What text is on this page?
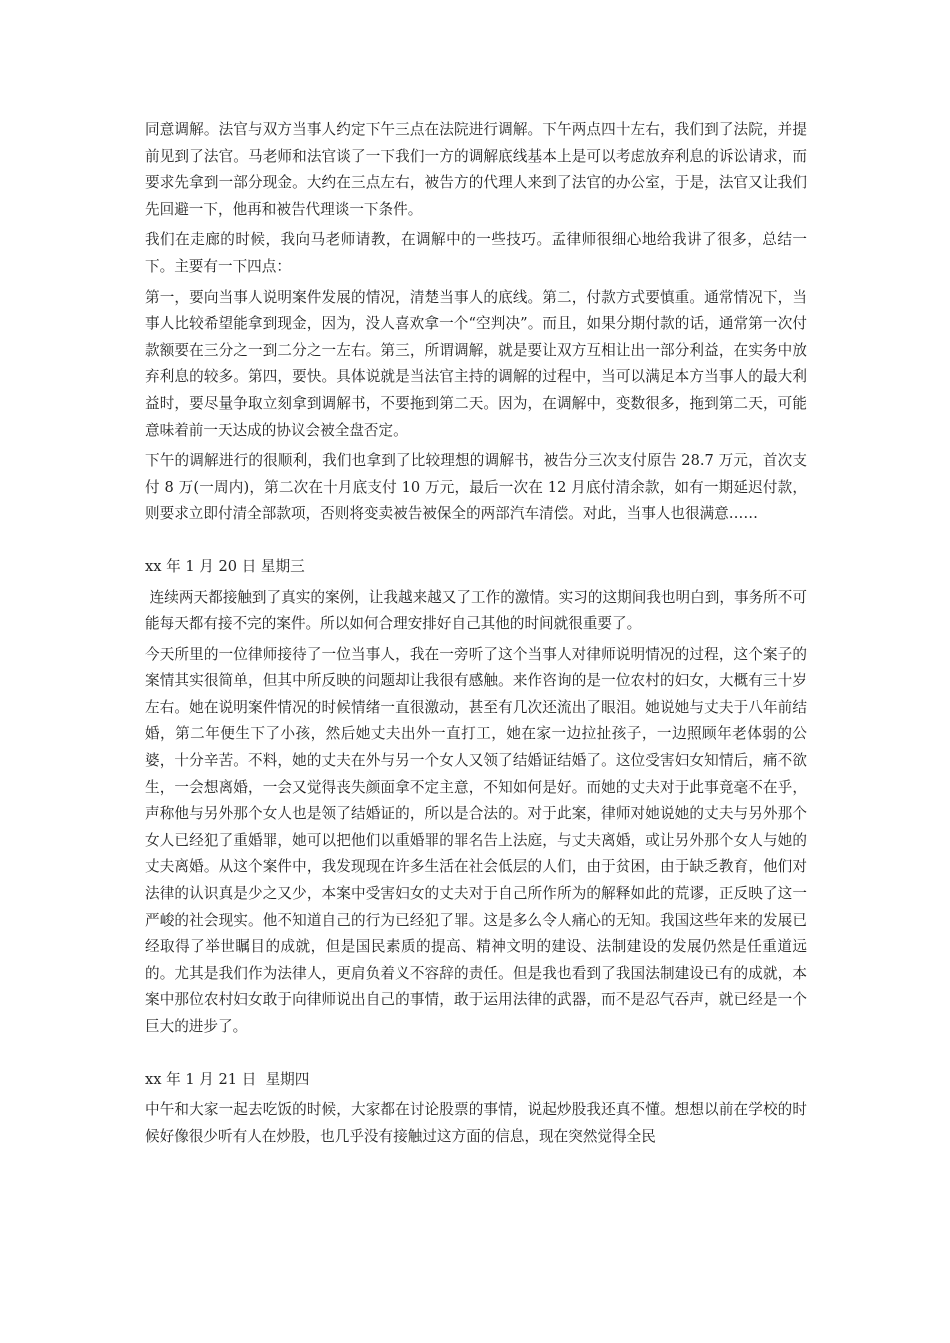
同意调解。法官与双方当事人约定下午三点在法院进行调解。下午两点四十左右，我们到了法院，并提前见到了法官。马老师和法官谈了一下我们一方的调解底线基本上是可以考虑放弃利息的诉讼请求，而要求先拿到一部分现金。大约在三点左右，被告方的代理人来到了法官的办公室，于是，法官又让我们先回避一下，他再和被告代理谈一下条件。

我们在走廊的时候，我向马老师请教，在调解中的一些技巧。孟律师很细心地给我讲了很多，总结一下。主要有一下四点：

第一，要向当事人说明案件发展的情况，清楚当事人的底线。第二，付款方式要慎重。通常情况下，当事人比较希望能拿到现金，因为，没人喜欢拿一个“空判决”。而且，如果分期付款的话，通常第一次付款额要在三分之一到二分之一左右。第三，所谓调解，就是要让双方互相让出一部分利益，在实务中放弃利息的较多。第四，要快。具体说就是当法官主持的调解的过程中，当可以满足本方当事人的最大利益时，要尽量争取立刻拿到调解书，不要拖到第二天。因为，在调解中，变数很多，拖到第二天，可能意味着前一天达成的协议会被全盘否定。

下午的调解进行的很顺利，我们也拿到了比较理想的调解书，被告分三次支付原告 28.7 万元，首次支付 8 万(一周内)，第二次在十月底支付 10 万元，最后一次在 12 月底付清余款，如有一期延迟付款，则要求立即付清全部款项，否则将变卖被告被保全的两部汽车清偿。对此，当事人也很满意……

xx 年 1 月 20 日 星期三

连续两天都接触到了真实的案例，让我越来越又了工作的激情。实习的这期间我也明白到，事务所不可能每天都有接不完的案件。所以如何合理安排好自己其他的时间就很重要了。

今天所里的一位律师接待了一位当事人，我在一旁听了这个当事人对律师说明情况的过程，这个案子的案情其实很简单，但其中所反映的问题却让我很有感触。来作咨询的是一位农村的妇女，大概有三十岁左右。她在说明案件情况的时候情绪一直很激动，甚至有几次还流出了眼泪。她说她与丈夫于八年前结婚，第二年便生下了小孩，然后她丈夫出外一直打工，她在家一边拉扯孩子，一边照顾年老体弱的公婆，十分辛苦。不料，她的丈夫在外与另一个女人又领了结婚证结婚了。这位受害妇女知情后，痛不欲生，一会想离婚，一会又觉得丧失颜面拿不定主意，不知如何是好。而她的丈夫对于此事竟毫不在乎，声称他与另外那个女人也是领了结婚证的，所以是合法的。对于此案，律师对她说她的丈夫与另外那个女人已经犯了重婚罪，她可以把他们以重婚罪的罪名告上法庭，与丈夫离婚，或让另外那个女人与她的丈夫离婚。从这个案件中，我发现现在许多生活在社会低层的人们，由于贫困，由于缺乏教育，他们对法律的认识真是少之又少，本案中受害妇女的丈夫对于自己所作所为的解释如此的荒谬，正反映了这一严峻的社会现实。他不知道自己的行为已经犯了罪。这是多么令人痛心的无知。我国这些年来的发展已经取得了举世瞩目的成就，但是国民素质的提高、精神文明的建设、法制建设的发展仍然是任重道远的。尤其是我们作为法律人，更肩负着义不容辞的责任。但是我也看到了我国法制建设已有的成就，本案中那位农村妇女敢于向律师说出自己的事情，敢于运用法律的武器，而不是忍气吞声，就已经是一个巨大的进步了。

xx 年 1 月 21 日  星期四

中午和大家一起去吃饭的时候，大家都在讨论股票的事情，说起炒股我还真不懂。想想以前在学校的时候好像很少听有人在炒股，也几乎没有接触过这方面的信息，现在突然觉得全民
